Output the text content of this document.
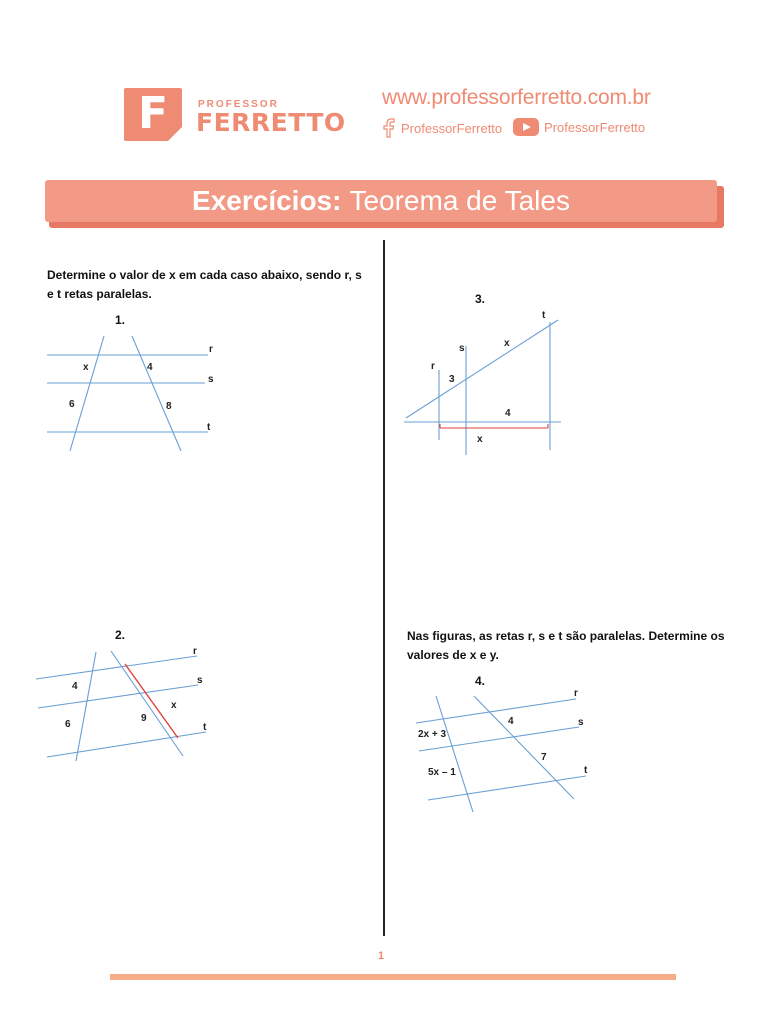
F	PROFESSOR
FERRETTO
www.professorferretto.com.br
ProfessorFerretto	ProfessorFerretto
Exercícios: Teorema de Tales
Determine o valor de x em cada caso abaixo, sendo r, s e t retas paralelas.
Nas figuras, as retas r, s e t são paralelas. Determine os valores de x e y.
1.
2.
3.
4.
r
s
t
x	4
6	8
r
s
t
4
6
9
x
t
s
r
x
3
4
x
r
s
t
2x + 3
4
7
5x – 1
1
